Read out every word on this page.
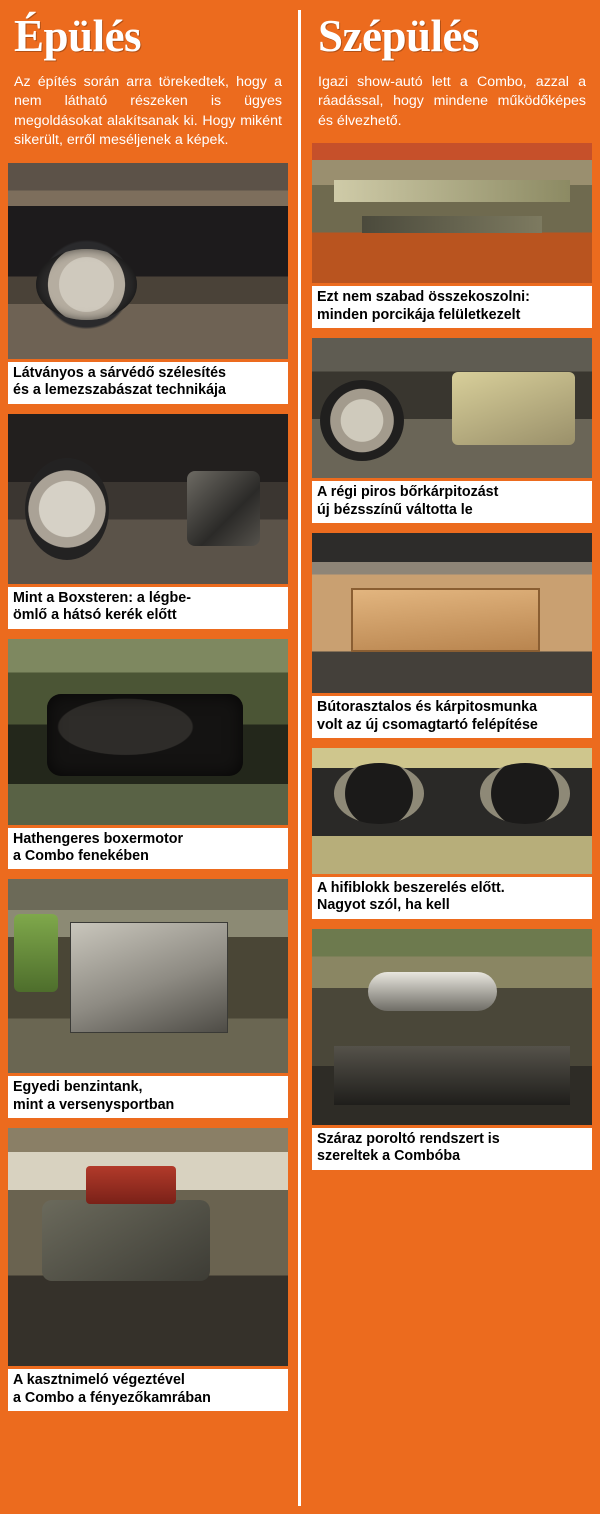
Épülés

Az építés során arra törekedtek, hogy a nem látható részeken is ügyes megoldásokat alakítsanak ki. Hogy miként sikerült, erről meséljenek a képek.

Látványos a sárvédő szélesítés
és a lemezszabászat technikája
Mint a Boxsteren: a légbe-
ömlő a hátsó kerék előtt
Hathengeres boxermotor
a Combo fenekében
Egyedi benzintank,
mint a versenysportban
A kasztnimeló végeztével
a Combo a fényezőkamrában
Szépülés

Igazi show-autó lett a Combo, azzal a ráadással, hogy mindene működőképes és élvezhető.

Ezt nem szabad összekoszolni:
minden porcikája felületkezelt
A régi piros bőrkárpitozást
új bézsszínű váltotta le
Bútorasztalos és kárpitosmunka
volt az új csomagtartó felépítése
A hifiblokk beszerelés előtt.
Nagyot szól, ha kell
Száraz poroltó rendszert is
szereltek a Combóba
